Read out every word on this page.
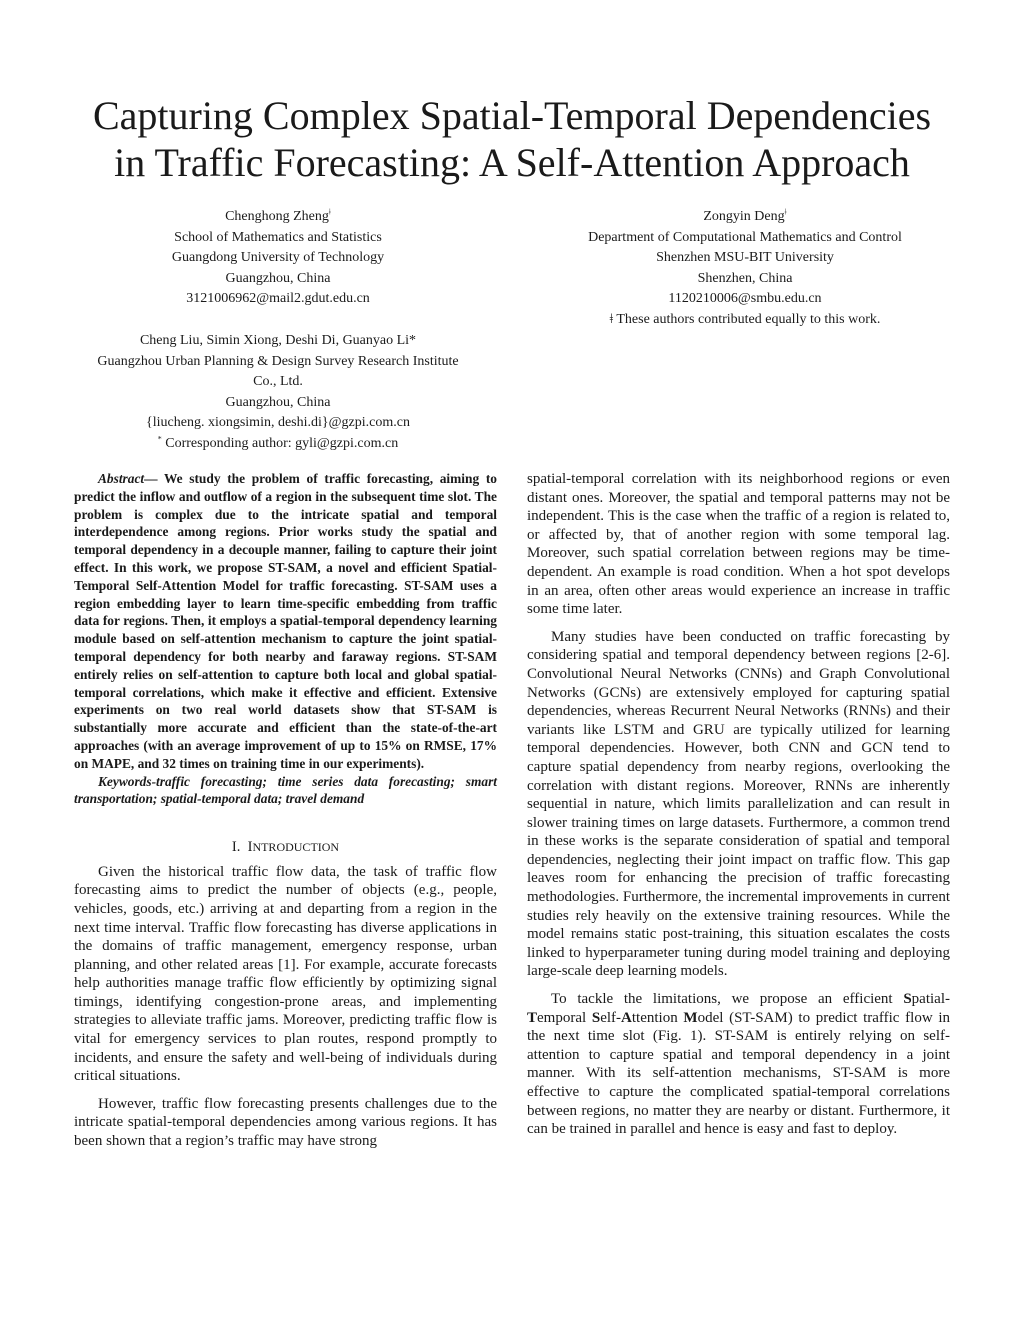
Capturing Complex Spatial-Temporal Dependencies
in Traffic Forecasting: A Self-Attention Approach
Chenghong Zheng$^ǂ$
School of Mathematics and Statistics
Guangdong University of Technology
Guangzhou, China
3121006962@mail2.gdut.edu.cn
Zongyin Deng$^ǂ$
Department of Computational Mathematics and Control
Shenzhen MSU-BIT University
Shenzhen, China
1120210006@smbu.edu.cn
ǂ These authors contributed equally to this work.
Cheng Liu, Simin Xiong, Deshi Di, Guanyao Li*
Guangzhou Urban Planning & Design Survey Research Institute
Co., Ltd.
Guangzhou, China
{liucheng. xiongsimin, deshi.di}@gzpi.com.cn
* Corresponding author: gyli@gzpi.com.cn

Abstract— We study the problem of traffic forecasting, aiming to predict the inflow and outflow of a region in the subsequent time slot. The problem is complex due to the intricate spatial and temporal interdependence among regions. Prior works study the spatial and temporal dependency in a decouple manner, failing to capture their joint effect. In this work, we propose ST-SAM, a novel and efficient Spatial-Temporal Self-Attention Model for traffic forecasting. ST-SAM uses a region embedding layer to learn time-specific embedding from traffic data for regions. Then, it employs a spatial-temporal dependency learning module based on self-attention mechanism to capture the joint spatial-temporal dependency for both nearby and faraway regions. ST-SAM entirely relies on self-attention to capture both local and global spatial-temporal correlations, which make it effective and efficient. Extensive experiments on two real world datasets show that ST-SAM is substantially more accurate and efficient than the state-of-the-art approaches (with an average improvement of up to 15% on RMSE, 17% on MAPE, and 32 times on training time in our experiments).

Keywords-traffic forecasting; time series data forecasting; smart transportation; spatial-temporal data; travel demand

I. INTRODUCTION

Given the historical traffic flow data, the task of traffic flow forecasting aims to predict the number of objects (e.g., people, vehicles, goods, etc.) arriving at and departing from a region in the next time interval. Traffic flow forecasting has diverse applications in the domains of traffic management, emergency response, urban planning, and other related areas [1]. For example, accurate forecasts help authorities manage traffic flow efficiently by optimizing signal timings, identifying congestion-prone areas, and implementing strategies to alleviate traffic jams. Moreover, predicting traffic flow is vital for emergency services to plan routes, respond promptly to incidents, and ensure the safety and well-being of individuals during critical situations.

However, traffic flow forecasting presents challenges due to the intricate spatial-temporal dependencies among various regions. It has been shown that a region’s traffic may have strong

spatial-temporal correlation with its neighborhood regions or even distant ones. Moreover, the spatial and temporal patterns may not be independent. This is the case when the traffic of a region is related to, or affected by, that of another region with some temporal lag. Moreover, such spatial correlation between regions may be time-dependent. An example is road condition. When a hot spot develops in an area, often other areas would experience an increase in traffic some time later.

Many studies have been conducted on traffic forecasting by considering spatial and temporal dependency between regions [2-6]. Convolutional Neural Networks (CNNs) and Graph Convolutional Networks (GCNs) are extensively employed for capturing spatial dependencies, whereas Recurrent Neural Networks (RNNs) and their variants like LSTM and GRU are typically utilized for learning temporal dependencies. However, both CNN and GCN tend to capture spatial dependency from nearby regions, overlooking the correlation with distant regions. Moreover, RNNs are inherently sequential in nature, which limits parallelization and can result in slower training times on large datasets. Furthermore, a common trend in these works is the separate consideration of spatial and temporal dependencies, neglecting their joint impact on traffic flow. This gap leaves room for enhancing the precision of traffic forecasting methodologies. Furthermore, the incremental improvements in current studies rely heavily on the extensive training resources. While the model remains static post-training, this situation escalates the costs linked to hyperparameter tuning during model training and deploying large-scale deep learning models.

To tackle the limitations, we propose an efficient Spatial-Temporal Self-Attention Model (ST-SAM) to predict traffic flow in the next time slot (Fig. 1). ST-SAM is entirely relying on self-attention to capture spatial and temporal dependency in a joint manner. With its self-attention mechanisms, ST-SAM is more effective to capture the complicated spatial-temporal correlations between regions, no matter they are nearby or distant. Furthermore, it can be trained in parallel and hence is easy and fast to deploy.
